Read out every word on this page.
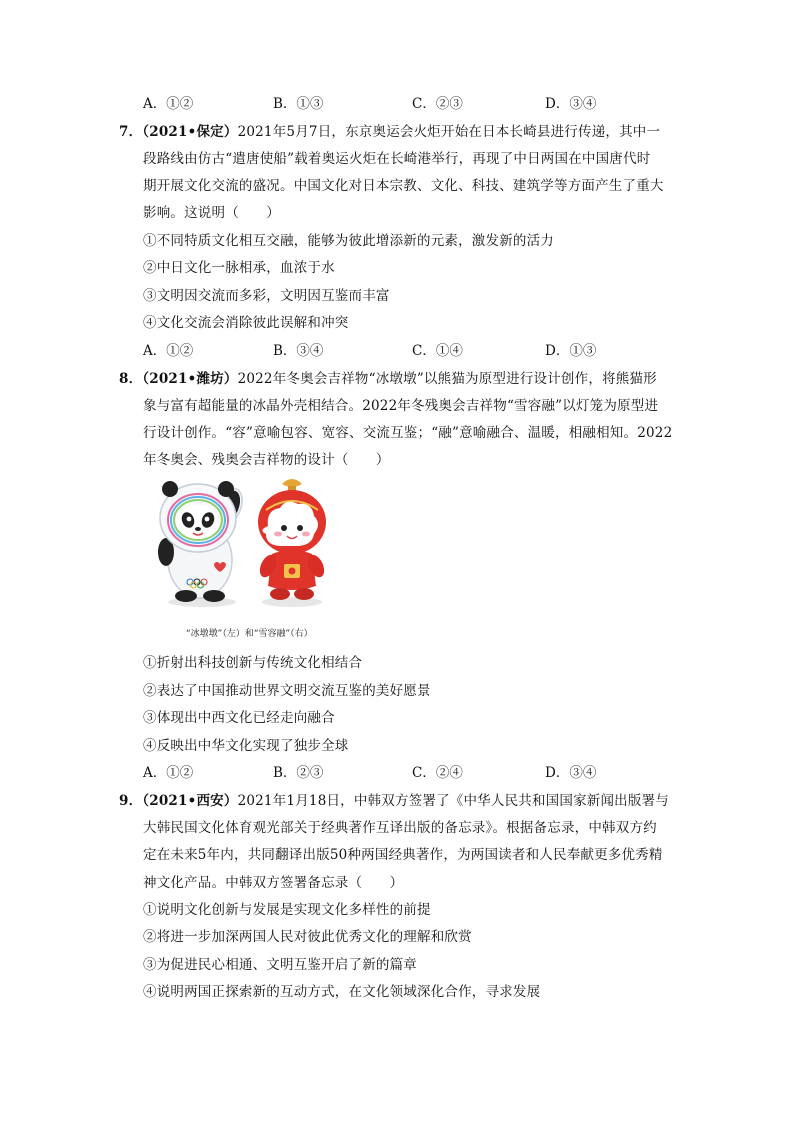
A．①②	B．①③	C．②③	D．③④
7．（2021•保定）2021年5月7日，东京奥运会火炬开始在日本长崎县进行传递，其中一
段路线由仿古“遣唐使船”载着奥运火炬在长崎港举行，再现了中日两国在中国唐代时
期开展文化交流的盛况。中国文化对日本宗教、文化、科技、建筑学等方面产生了重大
影响。这说明（　　）
①不同特质文化相互交融，能够为彼此增添新的元素，激发新的活力
②中日文化一脉相承，血浓于水
③文明因交流而多彩，文明因互鉴而丰富
④文化交流会消除彼此误解和冲突
A．①②	B．③④	C．①④	D．①③
8．（2021•潍坊）2022年冬奥会吉祥物“冰墩墩”以熊猫为原型进行设计创作，将熊猫形
象与富有超能量的冰晶外壳相结合。2022年冬残奥会吉祥物“雪容融”以灯笼为原型进
行设计创作。“容”意喻包容、宽容、交流互鉴；“融”意喻融合、温暖，相融相知。2022
年冬奥会、残奥会吉祥物的设计（　　）
“冰墩墩”（左）和“雪容融”（右）
①折射出科技创新与传统文化相结合
②表达了中国推动世界文明交流互鉴的美好愿景
③体现出中西文化已经走向融合
④反映出中华文化实现了独步全球
A．①②	B．②③	C．②④	D．③④
9．（2021•西安）2021年1月18日，中韩双方签署了《中华人民共和国国家新闻出版署与
大韩民国文化体育观光部关于经典著作互译出版的备忘录》。根据备忘录，中韩双方约
定在未来5年内，共同翻译出版50种两国经典著作，为两国读者和人民奉献更多优秀精
神文化产品。中韩双方签署备忘录（　　）
①说明文化创新与发展是实现文化多样性的前提
②将进一步加深两国人民对彼此优秀文化的理解和欣赏
③为促进民心相通、文明互鉴开启了新的篇章
④说明两国正探索新的互动方式，在文化领域深化合作，寻求发展
